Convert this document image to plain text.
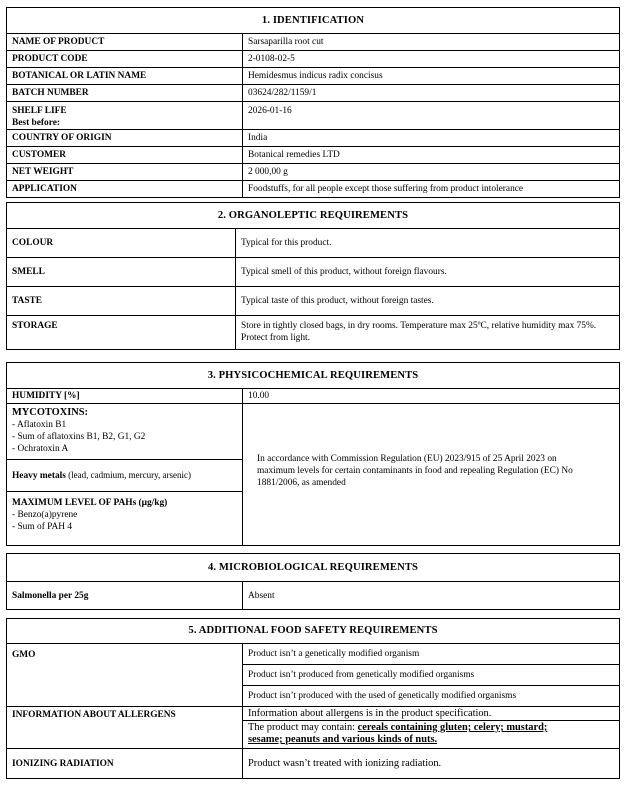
1. IDENTIFICATION	
NAME OF PRODUCT	Sarsaparilla root cut
PRODUCT CODE	2-0108-02-5
BOTANICAL OR LATIN NAME	Hemidesmus indicus radix concisus
BATCH NUMBER	03624/282/1159/1

SHELF LIFE
Best before:	2026-01-16
COUNTRY OF ORIGIN	India
CUSTOMER	Botanical remedies LTD
NET WEIGHT	2 000,00 g
APPLICATION	Foodstuffs, for all people except those suffering from product intolerance
2. ORGANOLEPTIC REQUIREMENTS	
COLOUR	Typical for this product.
SMELL	Typical smell of this product, without foreign flavours.
TASTE	Typical taste of this product, without foreign tastes.
STORAGE	Store in tightly closed bags, in dry rooms. Temperature max 25ºC, relative humidity max 75%. Protect from light.
3. PHYSICOCHEMICAL REQUIREMENTS	
HUMIDITY [%]	10.00

MYCOTOXINS:
- Aflatoxin B1
- Sum of aflatoxins B1, B2, G1, G2
- Ochratoxin A	In accordance with Commission Regulation (EU) 2023/915 of 25 April 2023 on maximum levels for certain contaminants in food and repealing Regulation (EC) No 1881/2006, as amended
Heavy metals (lead, cadmium, mercury, arsenic)	

MAXIMUM LEVEL OF PAHs (μg/kg)
- Benzo(a)pyrene
- Sum of PAH 4	
4. MICROBIOLOGICAL REQUIREMENTS
Salmonella per 25g	Absent
5. ADDITIONAL FOOD SAFETY REQUIREMENTS	
GMO	Product isn’t a genetically modified organism
	Product isn’t produced from genetically modified organisms
	Product isn’t produced with the used of genetically modified organisms
INFORMATION ABOUT ALLERGENS	Information about allergens is in the product specification.
	The product may contain: cereals containing gluten; celery; mustard;
sesame; peanuts and various kinds of nuts.
IONIZING RADIATION	Product wasn’t treated with ionizing radiation.
